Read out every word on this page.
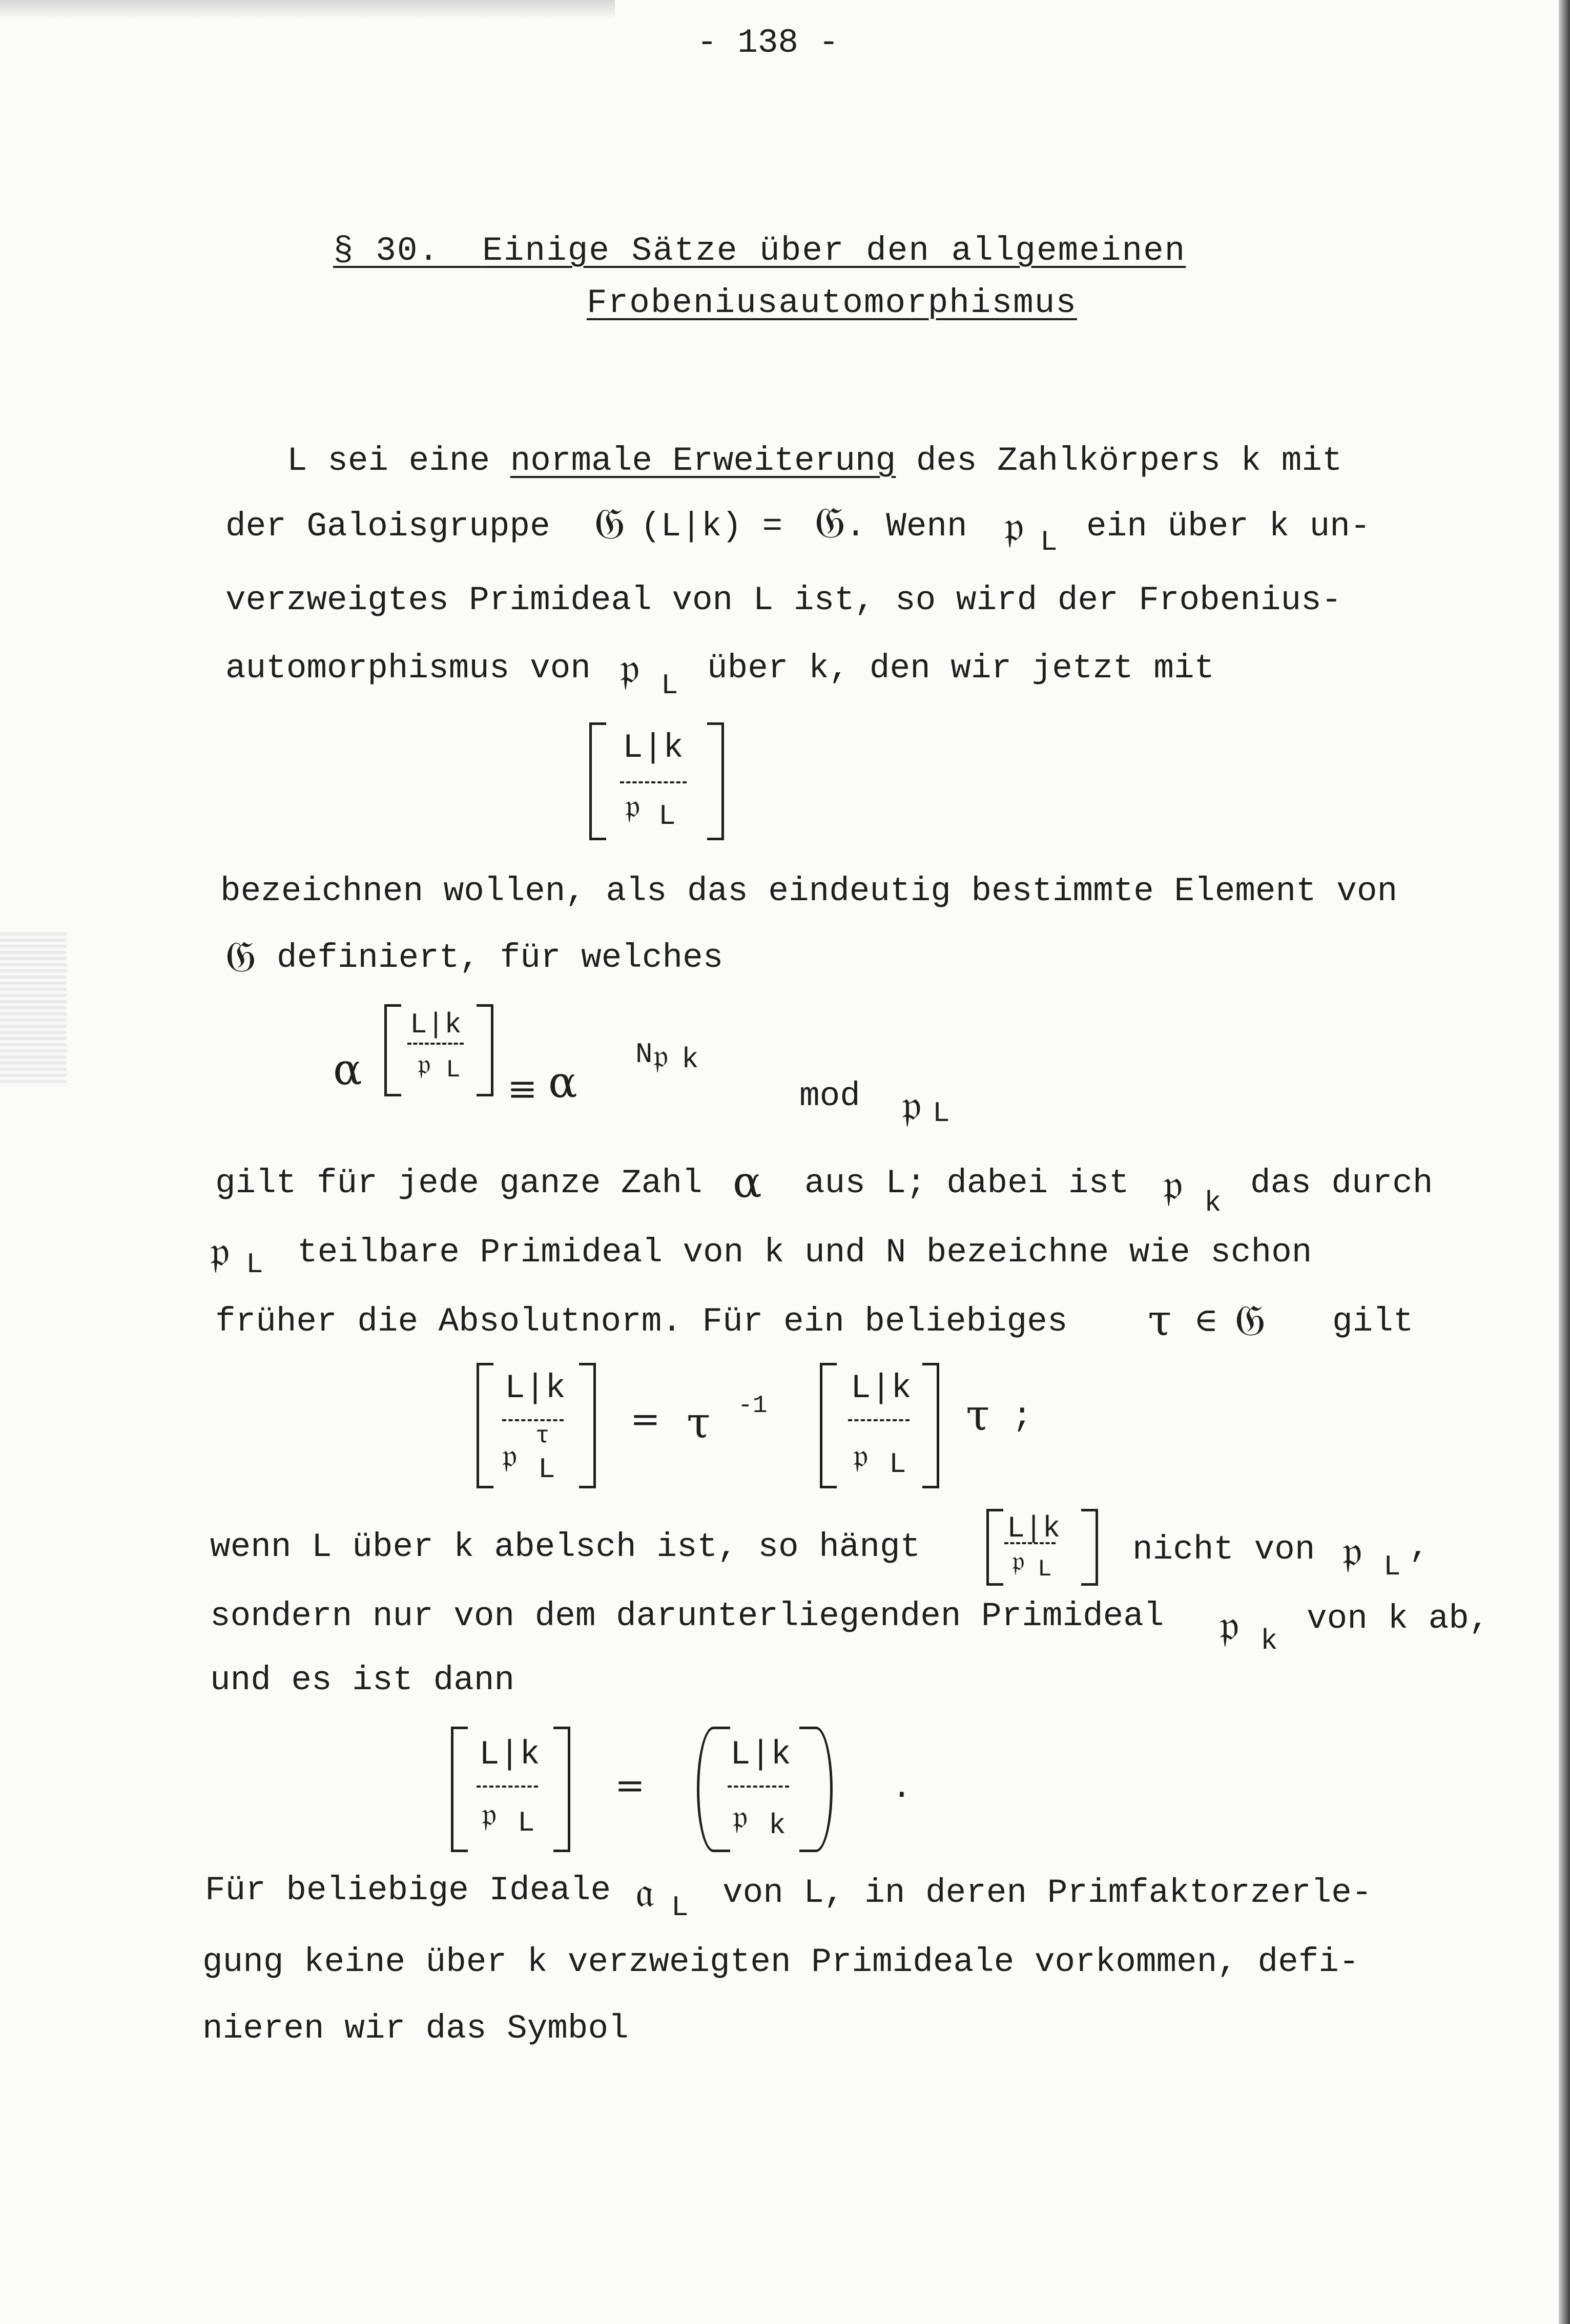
- 138 -
§ 30. Einige Sätze über den allgemeinen
Frobeniusautomorphismus
L sei eine normale Erweiterung des Zahlkörpers k mit
der Galoisgruppe 𝔊 (L|k) = 𝔊 . Wenn 𝔭 L ein über k un-
verzweigtes Primideal von L ist, so wird der Frobenius-
automorphismus von 𝔭 L über k, den wir jetzt mit
L|k
𝔭 L
bezeichnen wollen, als das eindeutig bestimmte Element von
𝔊 definiert, für welches
α
L|k
𝔭 L ≡ α
N 𝔭 k
mod 𝔭 L
gilt für jede ganze Zahl α aus L; dabei ist 𝔭 k
das durch
𝔭 L teilbare Primideal von k und N bezeichne wie schon
früher die Absolutnorm. Für ein beliebiges τ ∈ 𝔊 gilt
L|k
𝔭
τ
L
= τ -1 L|k
𝔭 L
τ ;
wenn L über k abelsch ist, so hängt	L|k
𝔭 L
nicht von 𝔭 L
,
sondern nur von dem darunterliegenden Primideal 𝔭 k
von k ab,
und es ist dann
L|k
𝔭 L
=
L|k
𝔭 k
.
Für beliebige Ideale 𝔞 L von L, in deren Primfaktorzerle-
gung keine über k verzweigten Primideale vorkommen, defi-
nieren wir das Symbol
